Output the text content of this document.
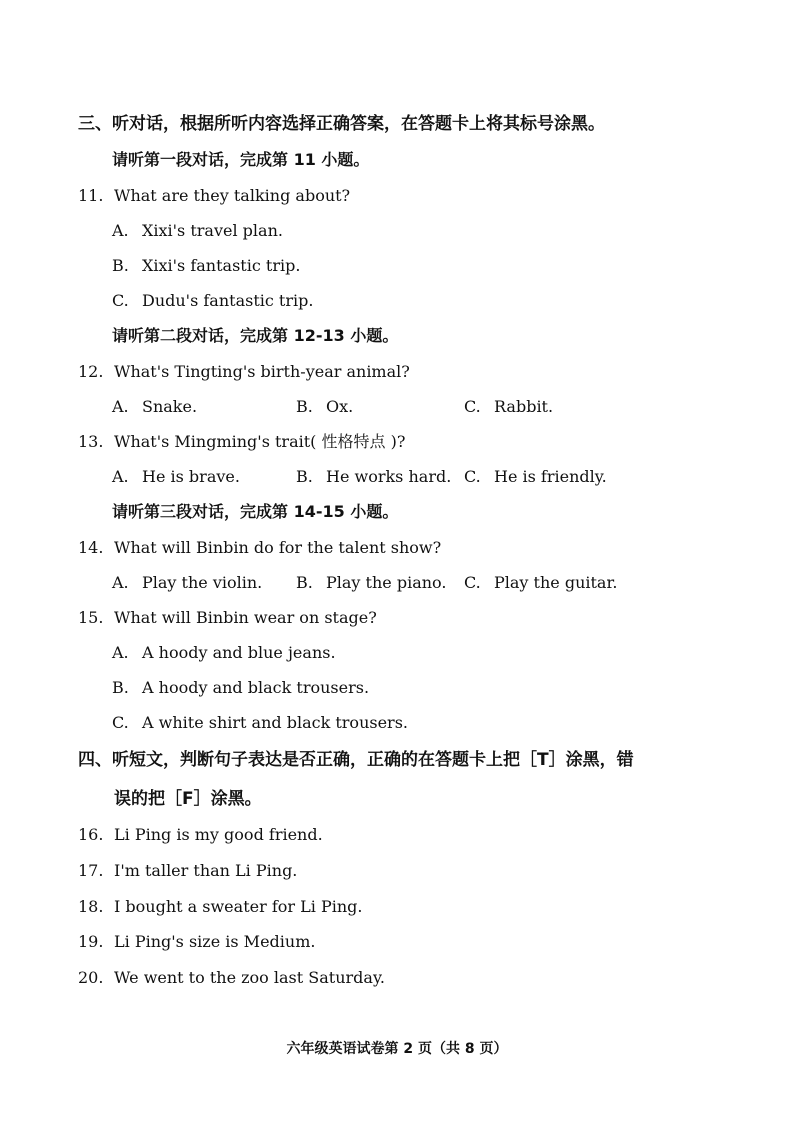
三、听对话，根据所听内容选择正确答案，在答题卡上将其标号涂黑。
请听第一段对话，完成第 11 小题。
11. What are they talking about?
A. Xixi's travel plan.
B. Xixi's fantastic trip.
C. Dudu's fantastic trip.
请听第二段对话，完成第 12-13 小题。
12. What's Tingting's birth-year animal?
A. Snake.	B. Ox.	C. Rabbit.
13. What's Mingming's trait( 性格特点 )?
A. He is brave.	B. He works hard. C. He is friendly.
请听第三段对话，完成第 14-15 小题。
14. What will Binbin do for the talent show?
A. Play the violin. B. Play the piano. C. Play the guitar.
15. What will Binbin wear on stage?
A. A hoody and blue jeans.
B. A hoody and black trousers.
C. A white shirt and black trousers.
四、听短文，判断句子表达是否正确，正确的在答题卡上把［T］涂黑，错
误的把［F］涂黑。
16. Li Ping is my good friend.
17. I'm taller than Li Ping.
18. I bought a sweater for Li Ping.
19. Li Ping's size is Medium.
20. We went to the zoo last Saturday.
六年级英语试卷第 2 页（共 8 页）
